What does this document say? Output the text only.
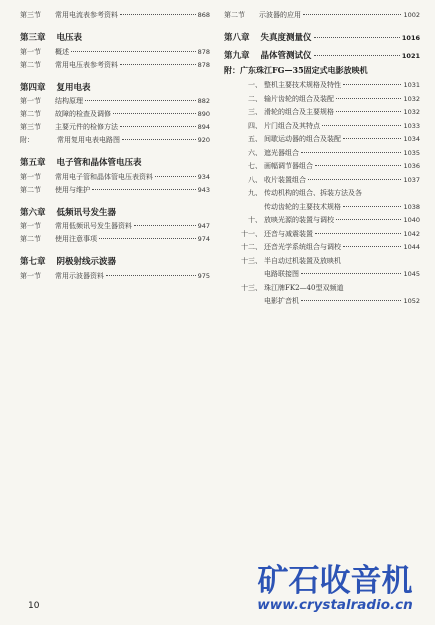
第三节	常用电流表参考资料	868
第三章 电压表
第一节	概述	878
第二节	常用电压表参考资料	878
第四章 复用电表
第一节	结构原理	882
第二节	故障的检查及调修	890
第三节	主要元件的检修方法	894
附：	常用复用电表电路图	920
第五章 电子管和晶体管电压表
第一节	常用电子管和晶体管电压表资料	934
第二节	使用与维护	943
第六章 低频讯号发生器
第一节	常用低频讯号发生器资料	947
第二节	使用注意事项	974
第七章 阴极射线示波器
第一节	常用示波器资料	975
第二节	示波器的应用	1002
第八章 失真度测量仪	1016
第九章 晶体管测试仪	1021
附： 广东珠江FG—35固定式电影放映机
一、 整机主要技术规格及特性	1031
二、 输片齿轮的组合及装配	1032
三、 滑轮的组合及主要规格	1032
四、 片门组合及其特点	1033
五、 间歇运动器的组合及装配	1034
六、 遮光器组合	1035
七、 画幅调节器组合	1036
八、 收片装置组合	1037
九、 传动机构的组合、拆装方法及各
传动齿轮的主要技术规格	1038
十、 放映光源的装置与调校	1040
十一、 还音与减震装置	1042
十二、 还音光学系统组合与调校	1044
十三、 半自动过机装置及放映机
电路联接图	1045
十三、 珠江牌FK2—40型双频道
电影扩音机	1052
10
矿石收音机
www.crystalradio.cn
